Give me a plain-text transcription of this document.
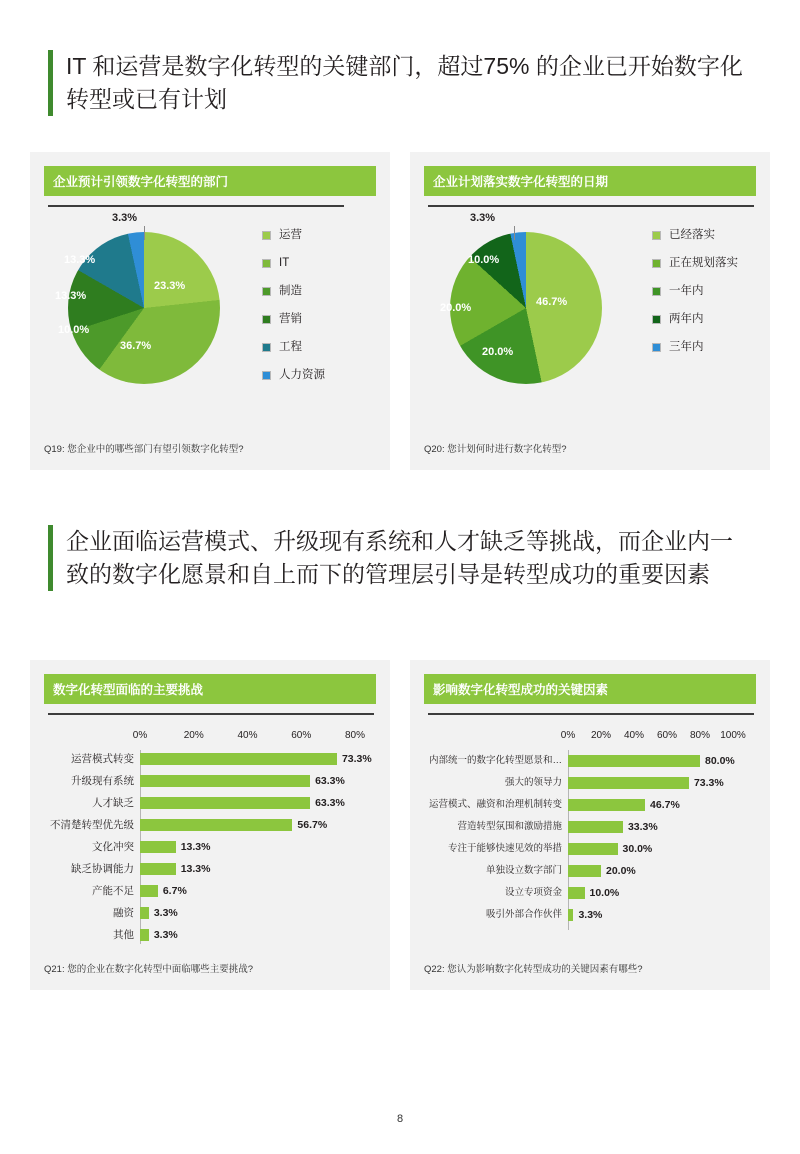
IT 和运营是数字化转型的关键部门，超过75% 的企业已开始数字化转型或已有计划
企业预计引领数字化转型的部门
3.3%
23.3%
36.7%
10.0%
13.3%
13.3%
运营
IT
制造
营销
工程
人力资源
Q19: 您企业中的哪些部门有望引领数字化转型?
企业计划落实数字化转型的日期
3.3%
46.7%
20.0%
20.0%
10.0%
已经落实
正在规划落实
一年内
两年内
三年内
Q20: 您计划何时进行数字化转型?
企业面临运营模式、升级现有系统和人才缺乏等挑战，而企业内一致的数字化愿景和自上而下的管理层引导是转型成功的重要因素
数字化转型面临的主要挑战
0%	20%	40%	60%	80%
运营模式转变	73.3%
升级现有系统	63.3%
人才缺乏	63.3%
不清楚转型优先级	56.7%
文化冲突	13.3%
缺乏协调能力	13.3%
产能不足	6.7%
融资	3.3%
其他	3.3%
Q21: 您的企业在数字化转型中面临哪些主要挑战?
影响数字化转型成功的关键因素
0% 20% 40% 60% 80% 100%
内部统一的数字化转型愿景和…	80.0%
强大的领导力	73.3%
运营模式、融资和治理机制转变	46.7%
营造转型氛围和激励措施	33.3%
专注于能够快速见效的举措	30.0%
单独设立数字部门	20.0%
设立专项资金	10.0%
吸引外部合作伙伴	3.3%
Q22: 您认为影响数字化转型成功的关键因素有哪些?
8
